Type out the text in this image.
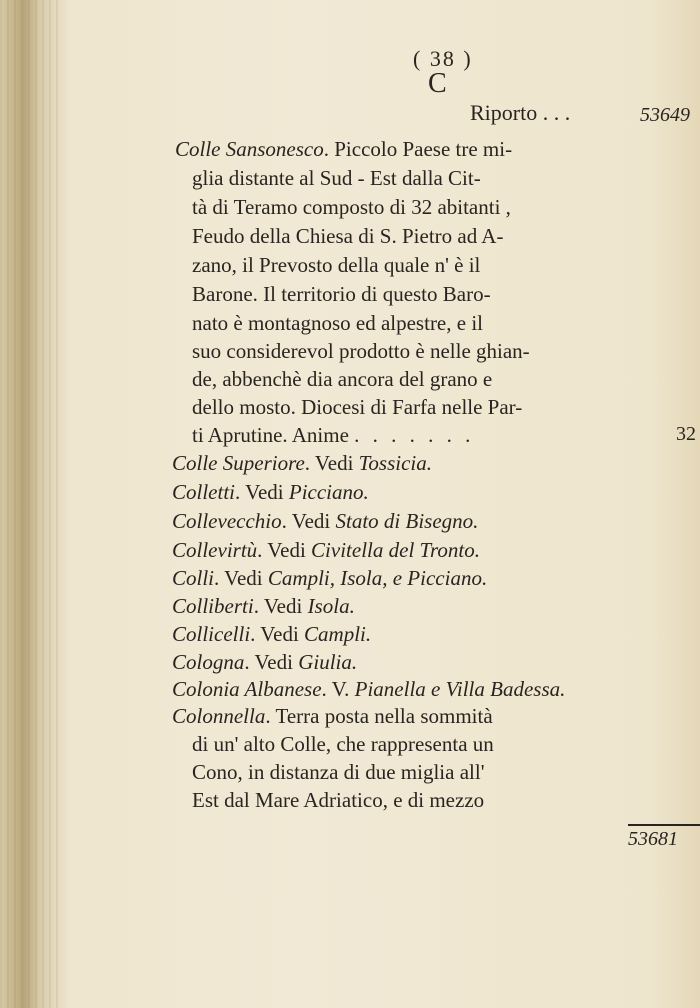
( 38 )
C
Riporto . . .	53649
Colle Sansonesco. Piccolo Paese tre mi-
glia distante al Sud - Est dalla Cit-
tà di Teramo composto di 32 abitanti ,
Feudo della Chiesa di S. Pietro ad A-
zano, il Prevosto della quale n' è il
Barone. Il territorio di questo Baro-
nato è montagnoso ed alpestre, e il
suo considerevol prodotto è nelle ghian-
de, abbenchè dia ancora del grano e
dello mosto. Diocesi di Farfa nelle Par-
ti Aprutine. Anime . . . . . . .	32
Colle Superiore. Vedi Tossicia.
Colletti. Vedi Picciano.
Collevecchio. Vedi Stato di Bisegno.
Collevirtù. Vedi Civitella del Tronto.
Colli. Vedi Campli, Isola, e Picciano.
Colliberti. Vedi Isola.
Collicelli. Vedi Campli.
Cologna. Vedi Giulia.
Colonia Albanese. V. Pianella e Villa Badessa.
Colonnella. Terra posta nella sommità
di un' alto Colle, che rappresenta un
Cono, in distanza di due miglia all'
Est dal Mare Adriatico, e di mezzo
53681
